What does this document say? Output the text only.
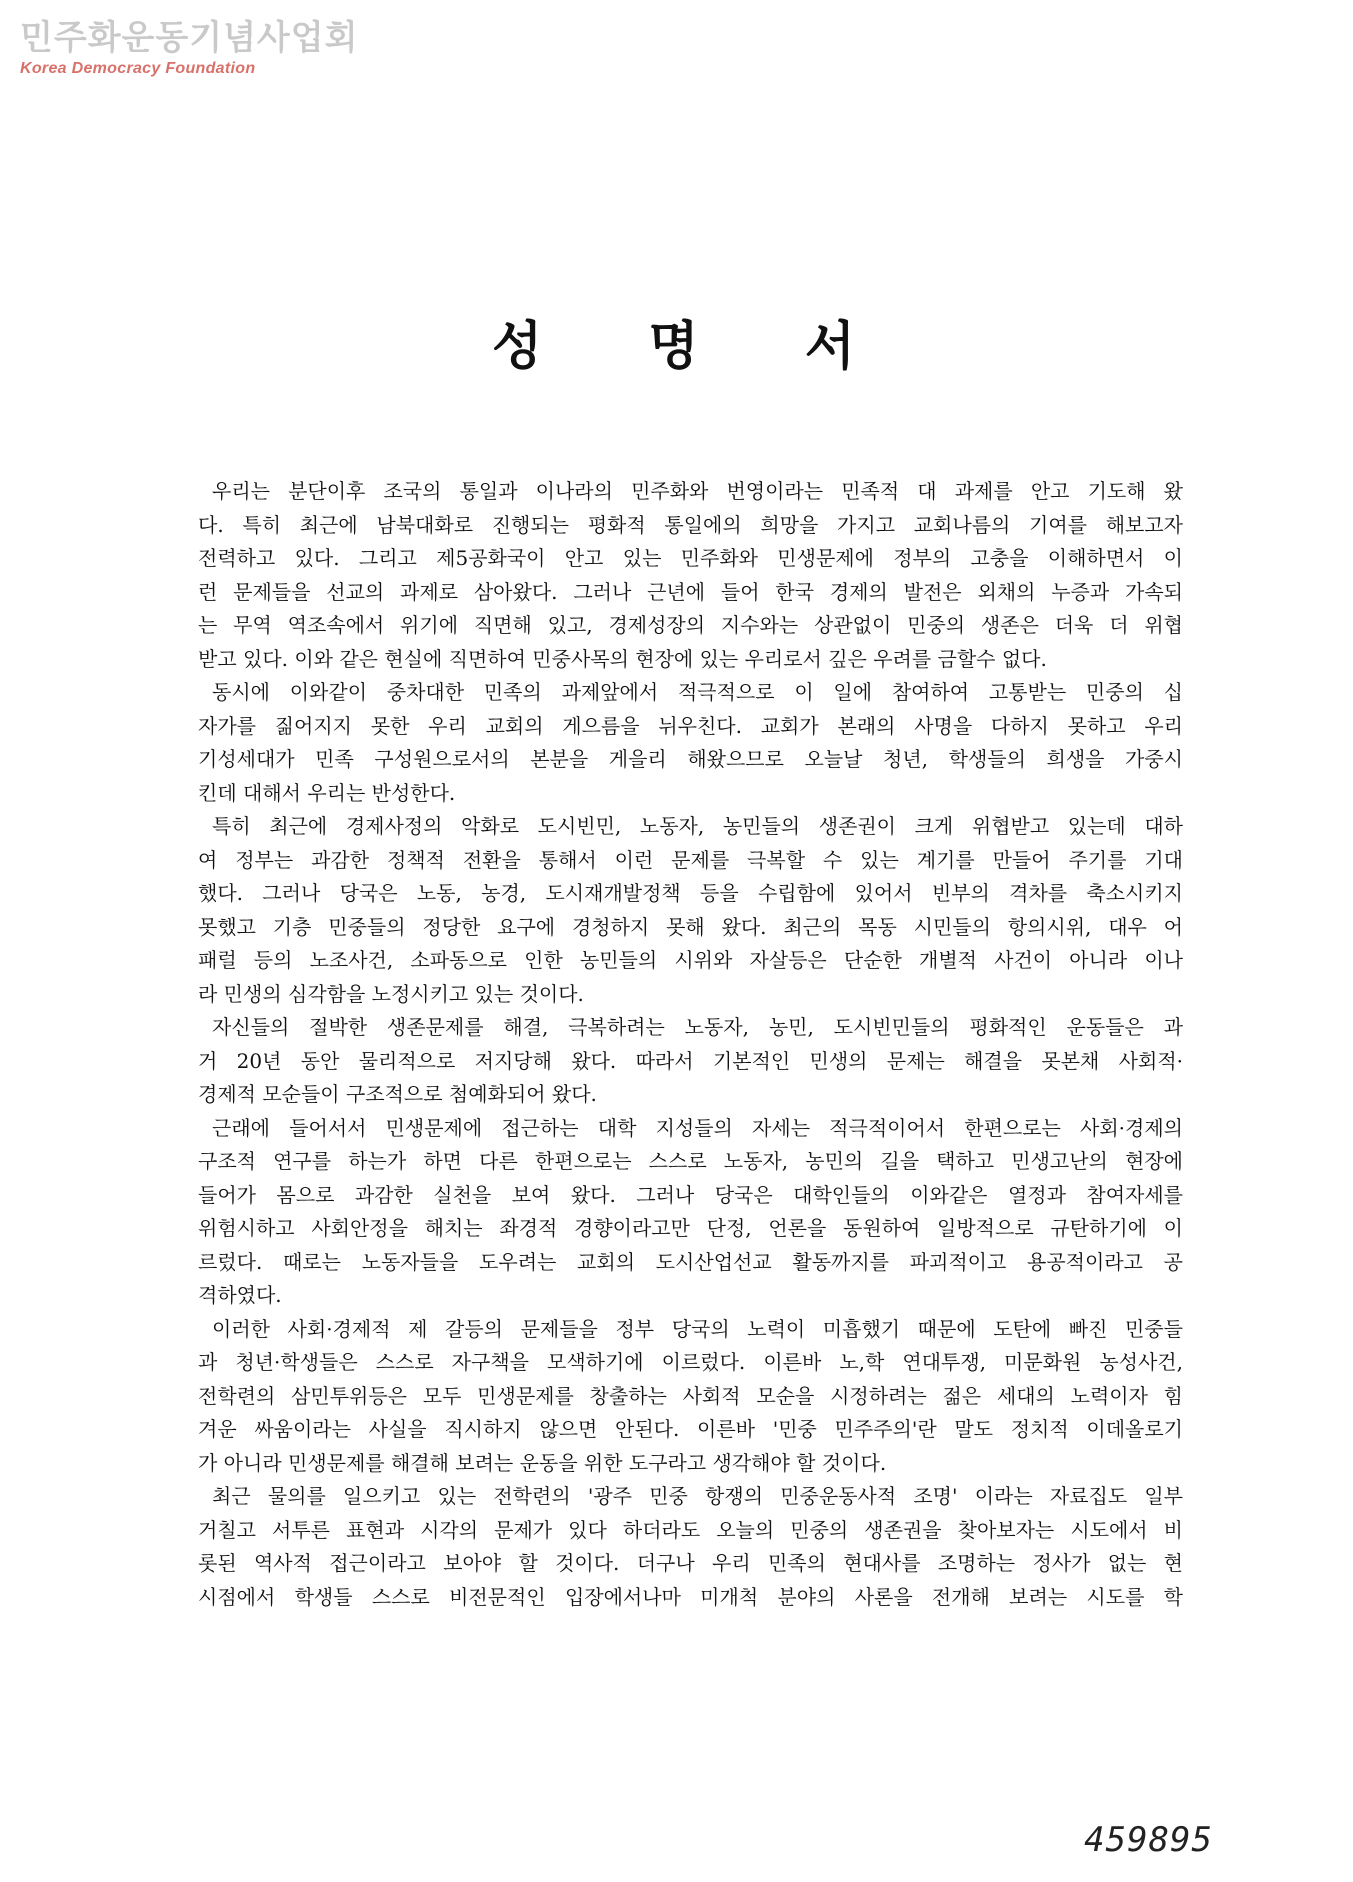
민주화운동기념사업회
Korea Democracy Foundation
성 명 서
우리는 분단이후 조국의 통일과 이나라의 민주화와 번영이라는 민족적 대 과제를 안고 기도해 왔
다. 특히 최근에 남북대화로 진행되는 평화적 통일에의 희망을 가지고 교회나름의 기여를 해보고자
전력하고 있다. 그리고 제5공화국이 안고 있는 민주화와 민생문제에 정부의 고충을 이해하면서 이
런 문제들을 선교의 과제로 삼아왔다. 그러나 근년에 들어 한국 경제의 발전은 외채의 누증과 가속되
는 무역 역조속에서 위기에 직면해 있고, 경제성장의 지수와는 상관없이 민중의 생존은 더욱 더 위협
받고 있다. 이와 같은 현실에 직면하여 민중사목의 현장에 있는 우리로서 깊은 우려를 금할수 없다.
동시에 이와같이 중차대한 민족의 과제앞에서 적극적으로 이 일에 참여하여 고통받는 민중의 십
자가를 짊어지지 못한 우리 교회의 게으름을 뉘우친다. 교회가 본래의 사명을 다하지 못하고 우리
기성세대가 민족 구성원으로서의 본분을 게을리 해왔으므로 오늘날 청년, 학생들의 희생을 가중시
킨데 대해서 우리는 반성한다.
특히 최근에 경제사정의 악화로 도시빈민, 노동자, 농민들의 생존권이 크게 위협받고 있는데 대하
여 정부는 과감한 정책적 전환을 통해서 이런 문제를 극복할 수 있는 계기를 만들어 주기를 기대
했다. 그러나 당국은 노동, 농경, 도시재개발정책 등을 수립함에 있어서 빈부의 격차를 축소시키지
못했고 기층 민중들의 정당한 요구에 경청하지 못해 왔다. 최근의 목동 시민들의 항의시위, 대우 어
패럴 등의 노조사건, 소파동으로 인한 농민들의 시위와 자살등은 단순한 개별적 사건이 아니라 이나
라 민생의 심각함을 노정시키고 있는 것이다.
자신들의 절박한 생존문제를 해결, 극복하려는 노동자, 농민, 도시빈민들의 평화적인 운동들은 과
거 20년 동안 물리적으로 저지당해 왔다. 따라서 기본적인 민생의 문제는 해결을 못본채 사회적·
경제적 모순들이 구조적으로 첨예화되어 왔다.
근래에 들어서서 민생문제에 접근하는 대학 지성들의 자세는 적극적이어서 한편으로는 사회·경제의
구조적 연구를 하는가 하면 다른 한편으로는 스스로 노동자, 농민의 길을 택하고 민생고난의 현장에
들어가 몸으로 과감한 실천을 보여 왔다. 그러나 당국은 대학인들의 이와같은 열정과 참여자세를
위험시하고 사회안정을 해치는 좌경적 경향이라고만 단정, 언론을 동원하여 일방적으로 규탄하기에 이
르렀다. 때로는 노동자들을 도우려는 교회의 도시산업선교 활동까지를 파괴적이고 용공적이라고 공
격하였다.
이러한 사회·경제적 제 갈등의 문제들을 정부 당국의 노력이 미흡했기 때문에 도탄에 빠진 민중들
과 청년·학생들은 스스로 자구책을 모색하기에 이르렀다. 이른바 노,학 연대투쟁, 미문화원 농성사건,
전학련의 삼민투위등은 모두 민생문제를 창출하는 사회적 모순을 시정하려는 젊은 세대의 노력이자 힘
겨운 싸움이라는 사실을 직시하지 않으면 안된다. 이른바 '민중 민주주의'란 말도 정치적 이데올로기
가 아니라 민생문제를 해결해 보려는 운동을 위한 도구라고 생각해야 할 것이다.
최근 물의를 일으키고 있는 전학련의 '광주 민중 항쟁의 민중운동사적 조명' 이라는 자료집도 일부
거칠고 서투른 표현과 시각의 문제가 있다 하더라도 오늘의 민중의 생존권을 찾아보자는 시도에서 비
롯된 역사적 접근이라고 보아야 할 것이다. 더구나 우리 민족의 현대사를 조명하는 정사가 없는 현
시점에서 학생들 스스로 비전문적인 입장에서나마 미개척 분야의 사론을 전개해 보려는 시도를 학
459895
